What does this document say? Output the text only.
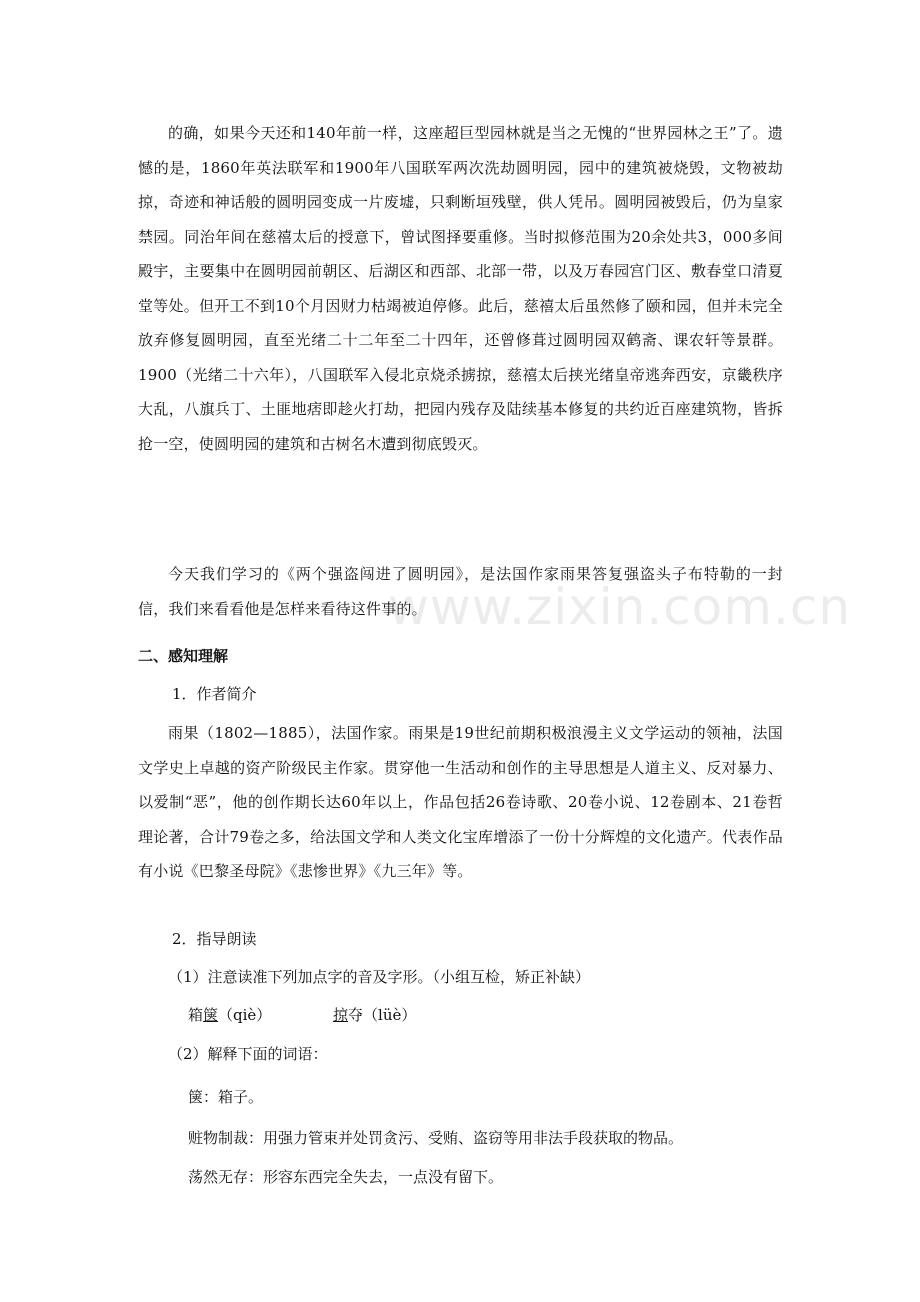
的确，如果今天还和140年前一样，这座超巨型园林就是当之无愧的“世界园林之王”了。遗憾的是，1860年英法联军和1900年八国联军两次洗劫圆明园，园中的建筑被烧毁，文物被劫掠，奇迹和神话般的圆明园变成一片废墟，只剩断垣残壁，供人凭吊。圆明园被毁后，仍为皇家禁园。同治年间在慈禧太后的授意下，曾试图择要重修。当时拟修范围为20余处共3，000多间殿宇，主要集中在圆明园前朝区、后湖区和西部、北部一带，以及万春园宫门区、敷春堂口清夏堂等处。但开工不到10个月因财力枯竭被迫停修。此后，慈禧太后虽然修了颐和园，但并未完全放弃修复圆明园，直至光绪二十二年至二十四年，还曾修葺过圆明园双鹤斋、课农轩等景群。1900（光绪二十六年），八国联军入侵北京烧杀掳掠，慈禧太后挟光绪皇帝逃奔西安，京畿秩序大乱，八旗兵丁、土匪地痞即趁火打劫，把园内残存及陆续基本修复的共约近百座建筑物，皆拆抢一空，使圆明园的建筑和古树名木遭到彻底毁灭。

今天我们学习的《两个强盗闯进了圆明园》，是法国作家雨果答复强盗头子布特勒的一封信，我们来看看他是怎样来看待这件事的。

www.zixin.com.cn

二、感知理解

1．作者简介

雨果（1802—1885），法国作家。雨果是19世纪前期积极浪漫主义文学运动的领袖，法国文学史上卓越的资产阶级民主作家。贯穿他一生活动和创作的主导思想是人道主义、反对暴力、以爱制“恶”，他的创作期长达60年以上，作品包括26卷诗歌、20卷小说、12卷剧本、21卷哲理论著，合计79卷之多，给法国文学和人类文化宝库增添了一份十分辉煌的文化遗产。代表作品有小说《巴黎圣母院》《悲惨世界》《九三年》等。

2．指导朗读

（1）注意读准下列加点字的音及字形。（小组互检，矫正补缺）

箱箧（qiè）	掠夺（lüè）

（2）解释下面的词语：

箧：箱子。

赃物制裁：用强力管束并处罚贪污、受贿、盗窃等用非法手段获取的物品。

荡然无存：形容东西完全失去，一点没有留下。
